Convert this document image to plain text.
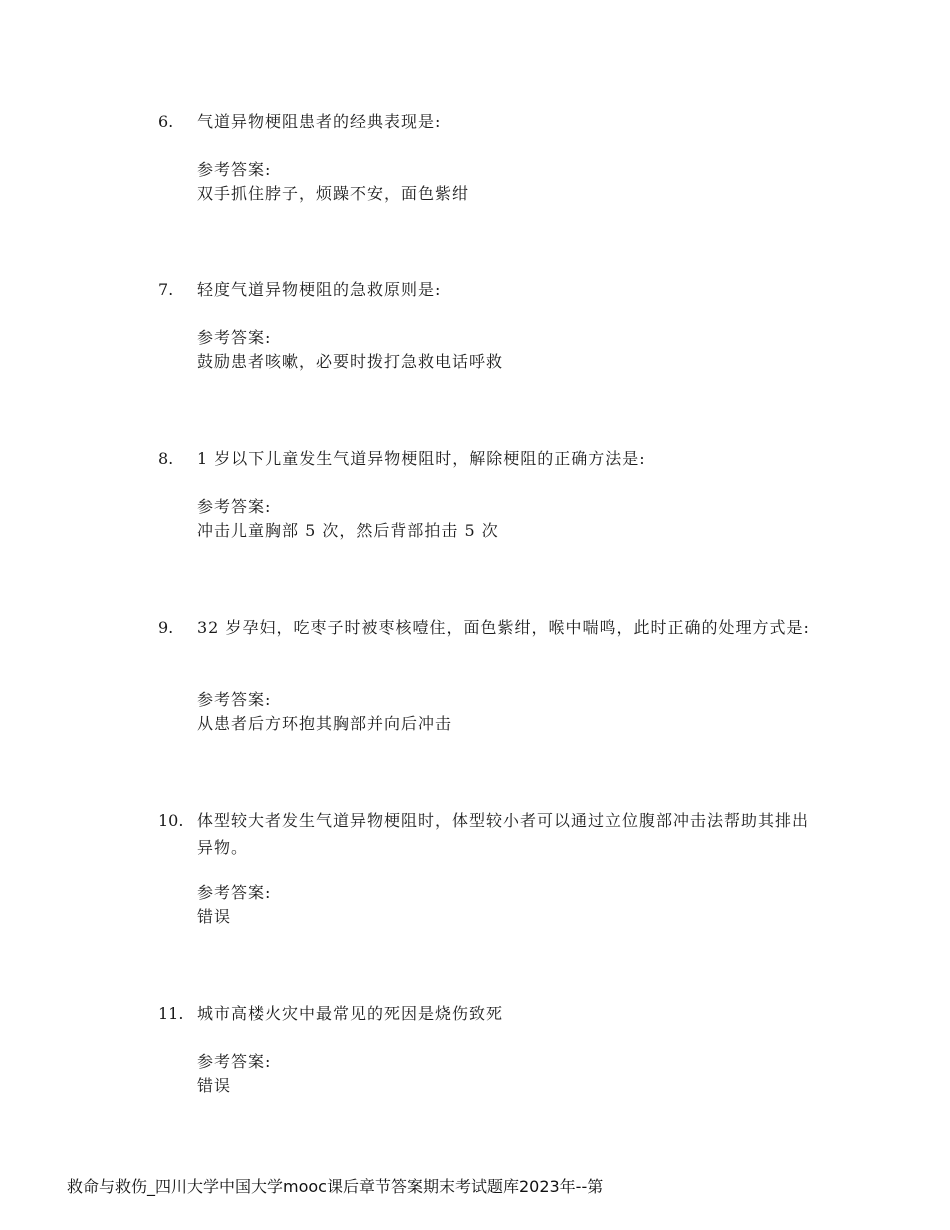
6. 气道异物梗阻患者的经典表现是:
参考答案:
双手抓住脖子，烦躁不安，面色紫绀
7. 轻度气道异物梗阻的急救原则是:
参考答案:
鼓励患者咳嗽，必要时拨打急救电话呼救
8. 1 岁以下儿童发生气道异物梗阻时，解除梗阻的正确方法是:
参考答案:
冲击儿童胸部 5 次，然后背部拍击 5 次
9. 32 岁孕妇，吃枣子时被枣核噎住，面色紫绀，喉中喘鸣，此时正确的处理方式是:
参考答案:
从患者后方环抱其胸部并向后冲击
10. 体型较大者发生气道异物梗阻时，体型较小者可以通过立位腹部冲击法帮助其排出异物。
参考答案:
错误
11. 城市高楼火灾中最常见的死因是烧伤致死
参考答案:
错误
救命与救伤_四川大学中国大学mooc课后章节答案期末考试题库2023年--第
